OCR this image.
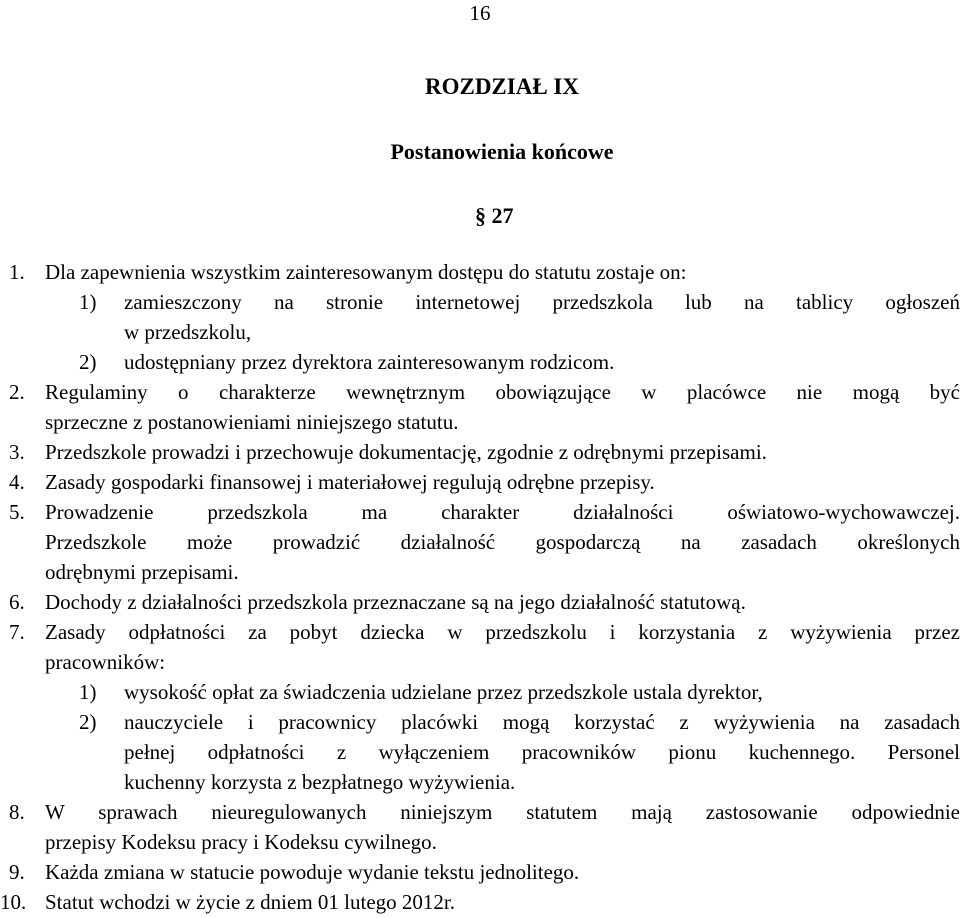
16
ROZDZIAŁ IX
Postanowienia końcowe
§ 27
1. Dla zapewnienia wszystkim zainteresowanym dostępu do statutu zostaje on:
1) zamieszczony na stronie internetowej przedszkola lub na tablicy ogłoszeń
w przedszkolu,
2) udostępniany przez dyrektora zainteresowanym rodzicom.
2. Regulaminy o charakterze wewnętrznym obowiązujące w placówce nie mogą być
sprzeczne z postanowieniami niniejszego statutu.
3. Przedszkole prowadzi i przechowuje dokumentację, zgodnie z odrębnymi przepisami.
4. Zasady gospodarki finansowej i materiałowej regulują odrębne przepisy.
5. Prowadzenie przedszkola ma charakter działalności oświatowo-wychowawczej.
Przedszkole może prowadzić działalność gospodarczą na zasadach określonych
odrębnymi przepisami.
6. Dochody z działalności przedszkola przeznaczane są na jego działalność statutową.
7. Zasady odpłatności za pobyt dziecka w przedszkolu i korzystania z wyżywienia przez
pracowników:
1) wysokość opłat za świadczenia udzielane przez przedszkole ustala dyrektor,
2) nauczyciele i pracownicy placówki mogą korzystać z wyżywienia na zasadach
pełnej odpłatności z wyłączeniem pracowników pionu kuchennego. Personel
kuchenny korzysta z bezpłatnego wyżywienia.
8. W sprawach nieuregulowanych niniejszym statutem mają zastosowanie odpowiednie
przepisy Kodeksu pracy i Kodeksu cywilnego.
9. Każda zmiana w statucie powoduje wydanie tekstu jednolitego.
10. Statut wchodzi w życie z dniem 01 lutego 2012r.
